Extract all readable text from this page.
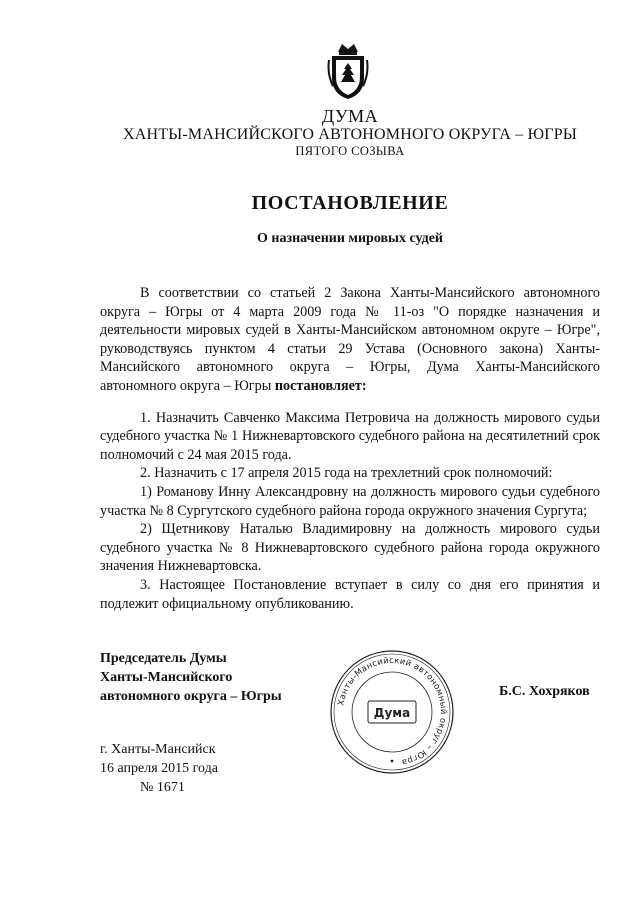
ДУМА
ХАНТЫ-МАНСИЙСКОГО АВТОНОМНОГО ОКРУГА – ЮГРЫ
ПЯТОГО СОЗЫВА
ПОСТАНОВЛЕНИЕ
О назначении мировых судей

В соответствии со статьей 2 Закона Ханты-Мансийского автономного округа – Югры от 4 марта 2009 года № 11-оз "О порядке назначения и деятельности мировых судей в Ханты-Мансийском автономном округе – Югре", руководствуясь пунктом 4 статьи 29 Устава (Основного закона) Ханты-Мансийского автономного округа – Югры, Дума Ханты-Мансийского автономного округа – Югры постановляет:

1. Назначить Савченко Максима Петровича на должность мирового судьи судебного участка № 1 Нижневартовского судебного района на десятилетний срок полномочий с 24 мая 2015 года.

2. Назначить с 17 апреля 2015 года на трехлетний срок полномочий:

1) Романову Инну Александровну на должность мирового судьи судебного участка № 8 Сургутского судебного района города окружного значения Сургута;

2) Щетникову Наталью Владимировну на должность мирового судьи судебного участка № 8 Нижневартовского судебного района города окружного значения Нижневартовска.

3. Настоящее Постановление вступает в силу со дня его принятия и подлежит официальному опубликованию.

Председатель Думы
Ханты-Мансийского
автономного округа – Югры	Ханты-Мансийский автономный округ – Югра
Дума
Б.С. Хохряков
г. Ханты-Мансийск
16 апреля 2015 года
№ 1671
